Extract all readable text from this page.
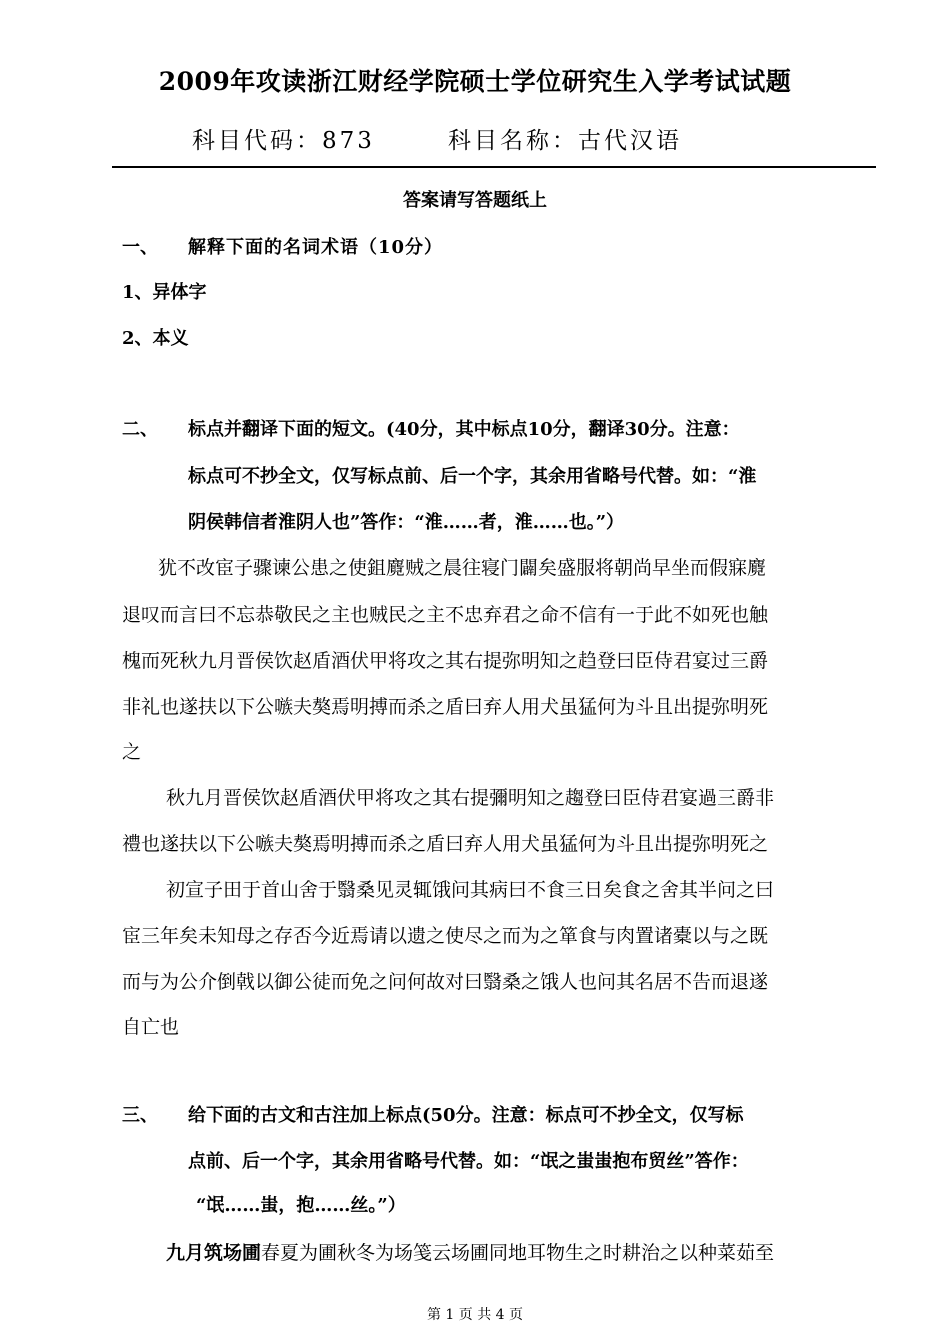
2009年攻读浙江财经学院硕士学位研究生入学考试试题
科目代码：873	科目名称：古代汉语
答案请写答题纸上
一、 解释下面的名词术语（10分）
1、异体字
2、本义
二、 标点并翻译下面的短文。(40分，其中标点10分，翻译30分。注意：
标点可不抄全文，仅写标点前、后一个字，其余用省略号代替。如：“淮
阴侯韩信者淮阴人也”答作：“淮……者，淮……也。”）
犹不改宦子骤谏公患之使鉏麑贼之晨往寝门闢矣盛服将朝尚早坐而假寐麑
退叹而言曰不忘恭敬民之主也贼民之主不忠弃君之命不信有一于此不如死也触
槐而死秋九月晋侯饮赵盾酒伏甲将攻之其右提弥明知之趋登曰臣侍君宴过三爵
非礼也遂扶以下公嗾夫獒焉明搏而杀之盾曰弃人用犬虽猛何为斗且出提弥明死
之
秋九月晋侯饮赵盾酒伏甲将攻之其右提彌明知之趨登曰臣侍君宴過三爵非
禮也遂扶以下公嗾夫獒焉明搏而杀之盾曰弃人用犬虽猛何为斗且出提弥明死之
初宣子田于首山舍于翳桑见灵辄饿问其病曰不食三日矣食之舍其半问之曰
宦三年矣未知母之存否今近焉请以遗之使尽之而为之箪食与肉置诸橐以与之既
而与为公介倒戟以御公徒而免之问何故对曰翳桑之饿人也问其名居不告而退遂
自亡也
三、 给下面的古文和古注加上标点(50分。注意：标点可不抄全文，仅写标
点前、后一个字，其余用省略号代替。如：“氓之蚩蚩抱布贸丝”答作：
“氓……蚩，抱……丝。”）
九月筑场圃春夏为圃秋冬为场笺云场圃同地耳物生之时耕治之以种菜茹至
第 1 页 共 4 页
